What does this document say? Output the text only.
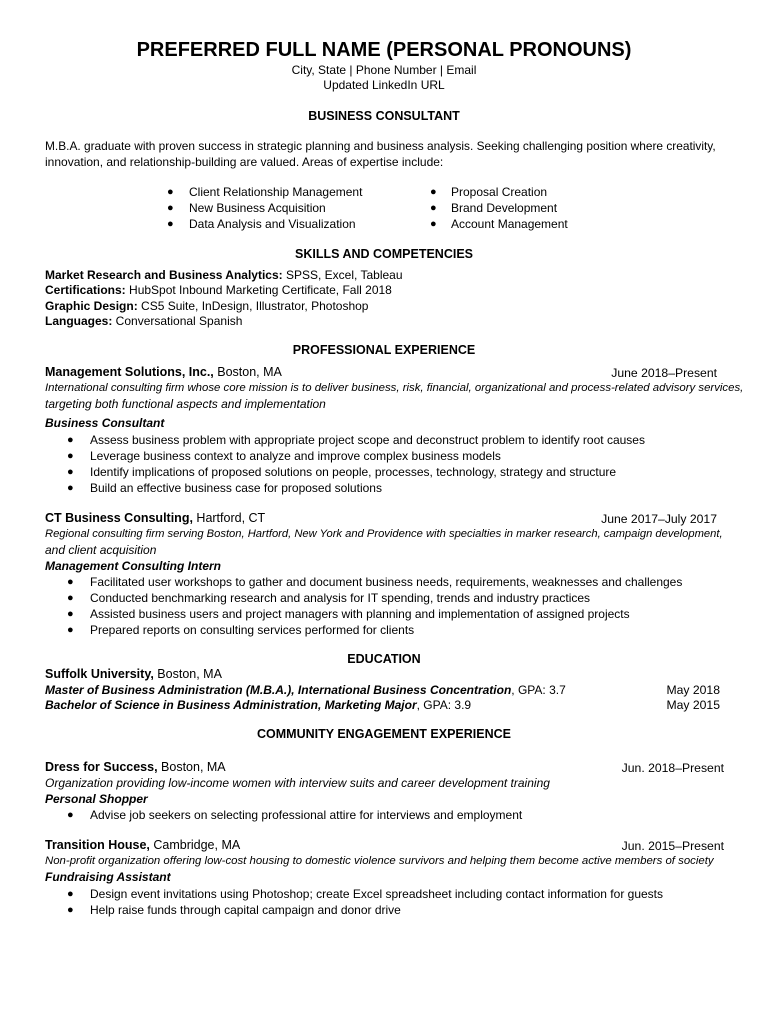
PREFERRED FULL NAME (PERSONAL PRONOUNS)
City, State | Phone Number | Email
Updated LinkedIn URL
BUSINESS CONSULTANT
M.B.A. graduate with proven success in strategic planning and business analysis. Seeking challenging position where creativity,
innovation, and relationship-building are valued. Areas of expertise include:
● Client Relationship Management
● New Business Acquisition
● Data Analysis and Visualization
● Proposal Creation
● Brand Development
● Account Management
SKILLS AND COMPETENCIES
Market Research and Business Analytics: SPSS, Excel, Tableau
Certifications: HubSpot Inbound Marketing Certificate, Fall 2018
Graphic Design: CS5 Suite, InDesign, Illustrator, Photoshop
Languages: Conversational Spanish
PROFESSIONAL EXPERIENCE
Management Solutions, Inc., Boston, MA	June 2018–Present
International consulting firm whose core mission is to deliver business, risk, financial, organizational and process-related advisory services,
targeting both functional aspects and implementation
Business Consultant
● Assess business problem with appropriate project scope and deconstruct problem to identify root causes
● Leverage business context to analyze and improve complex business models
● Identify implications of proposed solutions on people, processes, technology, strategy and structure
● Build an effective business case for proposed solutions
CT Business Consulting, Hartford, CT	June 2017–July 2017
Regional consulting firm serving Boston, Hartford, New York and Providence with specialties in marker research, campaign development,
and client acquisition
Management Consulting Intern
● Facilitated user workshops to gather and document business needs, requirements, weaknesses and challenges
● Conducted benchmarking research and analysis for IT spending, trends and industry practices
● Assisted business users and project managers with planning and implementation of assigned projects
● Prepared reports on consulting services performed for clients
EDUCATION
Suffolk University, Boston, MA
Master of Business Administration (M.B.A.), International Business Concentration, GPA: 3.7	May 2018
Bachelor of Science in Business Administration, Marketing Major, GPA: 3.9	May 2015
COMMUNITY ENGAGEMENT EXPERIENCE
Dress for Success, Boston, MA	Jun. 2018–Present
Organization providing low-income women with interview suits and career development training
Personal Shopper
● Advise job seekers on selecting professional attire for interviews and employment
Transition House, Cambridge, MA	Jun. 2015–Present
Non-profit organization offering low-cost housing to domestic violence survivors and helping them become active members of society
Fundraising Assistant
● Design event invitations using Photoshop; create Excel spreadsheet including contact information for guests
● Help raise funds through capital campaign and donor drive
